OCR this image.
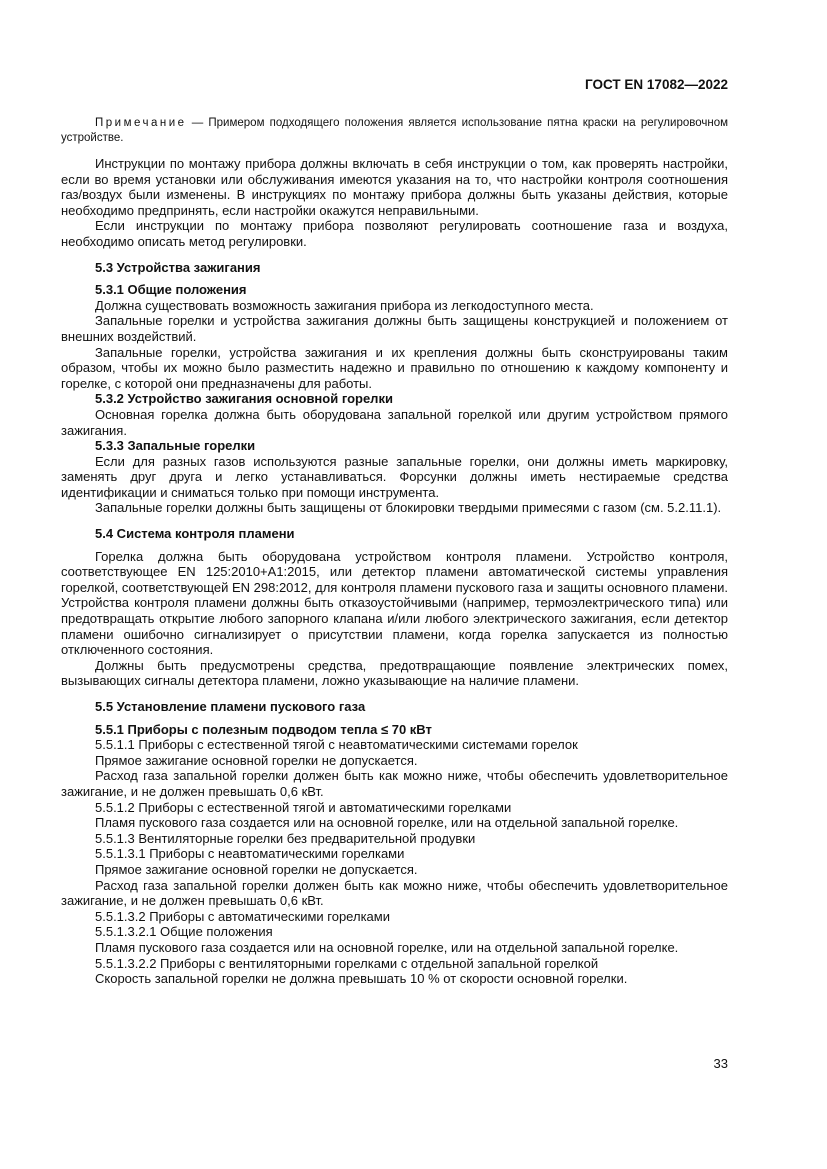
ГОСТ EN 17082—2022

Примечание — Примером подходящего положения является использование пятна краски на регулировочном устройстве.

Инструкции по монтажу прибора должны включать в себя инструкции о том, как проверять настройки, если во время установки или обслуживания имеются указания на то, что настройки контроля соотношения газ/воздух были изменены. В инструкциях по монтажу прибора должны быть указаны действия, которые необходимо предпринять, если настройки окажутся неправильными.

Если инструкции по монтажу прибора позволяют регулировать соотношение газа и воздуха, необходимо описать метод регулировки.

5.3 Устройства зажигания

5.3.1 Общие положения

Должна существовать возможность зажигания прибора из легкодоступного места.

Запальные горелки и устройства зажигания должны быть защищены конструкцией и положением от внешних воздействий.

Запальные горелки, устройства зажигания и их крепления должны быть сконструированы таким образом, чтобы их можно было разместить надежно и правильно по отношению к каждому компоненту и горелке, с которой они предназначены для работы.

5.3.2 Устройство зажигания основной горелки

Основная горелка должна быть оборудована запальной горелкой или другим устройством прямого зажигания.

5.3.3 Запальные горелки

Если для разных газов используются разные запальные горелки, они должны иметь маркировку, заменять друг друга и легко устанавливаться. Форсунки должны иметь нестираемые средства идентификации и сниматься только при помощи инструмента.

Запальные горелки должны быть защищены от блокировки твердыми примесями с газом (см. 5.2.11.1).

5.4 Система контроля пламени

Горелка должна быть оборудована устройством контроля пламени. Устройство контроля, соответствующее EN 125:2010+A1:2015, или детектор пламени автоматической системы управления горелкой, соответствующей EN 298:2012, для контроля пламени пускового газа и защиты основного пламени. Устройства контроля пламени должны быть отказоустойчивыми (например, термоэлектрического типа) или предотвращать открытие любого запорного клапана и/или любого электрического зажигания, если детектор пламени ошибочно сигнализирует о присутствии пламени, когда горелка запускается из полностью отключенного состояния.

Должны быть предусмотрены средства, предотвращающие появление электрических помех, вызывающих сигналы детектора пламени, ложно указывающие на наличие пламени.

5.5 Установление пламени пускового газа

5.5.1 Приборы с полезным подводом тепла ≤ 70 кВт

5.5.1.1 Приборы с естественной тягой с неавтоматическими системами горелок

Прямое зажигание основной горелки не допускается.

Расход газа запальной горелки должен быть как можно ниже, чтобы обеспечить удовлетворительное зажигание, и не должен превышать 0,6 кВт.

5.5.1.2 Приборы с естественной тягой и автоматическими горелками

Пламя пускового газа создается или на основной горелке, или на отдельной запальной горелке.

5.5.1.3 Вентиляторные горелки без предварительной продувки

5.5.1.3.1 Приборы с неавтоматическими горелками

Прямое зажигание основной горелки не допускается.

Расход газа запальной горелки должен быть как можно ниже, чтобы обеспечить удовлетворительное зажигание, и не должен превышать 0,6 кВт.

5.5.1.3.2 Приборы с автоматическими горелками

5.5.1.3.2.1 Общие положения

Пламя пускового газа создается или на основной горелке, или на отдельной запальной горелке.

5.5.1.3.2.2 Приборы с вентиляторными горелками с отдельной запальной горелкой

Скорость запальной горелки не должна превышать 10 % от скорости основной горелки.

33
